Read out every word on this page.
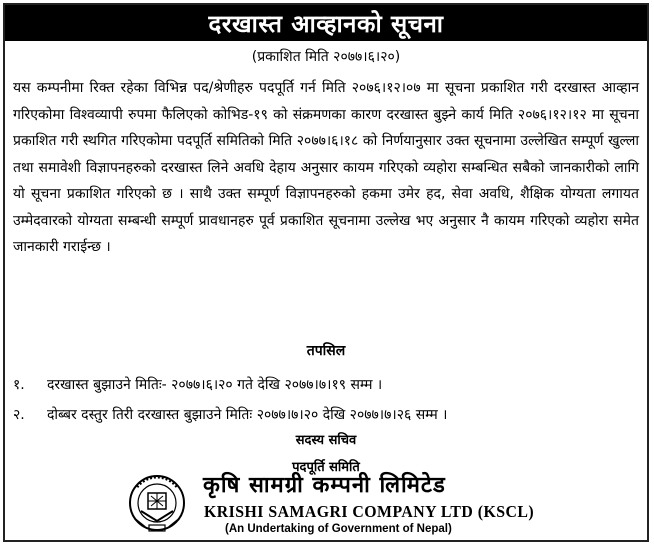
दरखास्त आव्हानको सूचना
(प्रकाशित मिति २०७७।६।२०)
यस कम्पनीमा रिक्त रहेका विभिन्न पद/श्रेणीहरु पदपूर्ति गर्न मिति २०७६।१२।०७ मा सूचना प्रकाशित गरी दरखास्त आव्हान गरिएकोमा विश्वव्यापी रुपमा फैलिएको कोभिड-१९ को संक्रमणका कारण दरखास्त बुझ्ने कार्य मिति २०७६।१२।१२ मा सूचना प्रकाशित गरी स्थगित गरिएकोमा पदपूर्ति समितिको मिति २०७७।६।१८ को निर्णयानुसार उक्त सूचनामा उल्लेखित सम्पूर्ण खुल्ला तथा समावेशी विज्ञापनहरुको दरखास्त लिने अवधि देहाय अनुसार कायम गरिएको व्यहोरा सम्बन्धित सबैको जानकारीको लागि यो सूचना प्रकाशित गरिएको छ । साथै उक्त सम्पूर्ण विज्ञापनहरुको हकमा उमेर हद, सेवा अवधि, शैक्षिक योग्यता लगायत उम्मेदवारको योग्यता सम्बन्धी सम्पूर्ण प्रावधानहरु पूर्व प्रकाशित सूचनामा उल्लेख भए अनुसार नै कायम गरिएको व्यहोरा समेत जानकारी गराईन्छ ।
तपसिल
१.	दरखास्त बुझाउने मितिः- २०७७।६।२० गते देखि २०७७।७।१९ सम्म ।
२.	दोब्बर दस्तुर तिरी दरखास्त बुझाउने मितिः २०७७।७।२० देखि २०७७।७।२६ सम्म ।
सदस्य सचिव
पदपूर्ति समिति
कृषि सामग्री कम्पनी लिमिटेड
KRISHI SAMAGRI COMPANY LTD (KSCL)
(An Undertaking of Government of Nepal)
